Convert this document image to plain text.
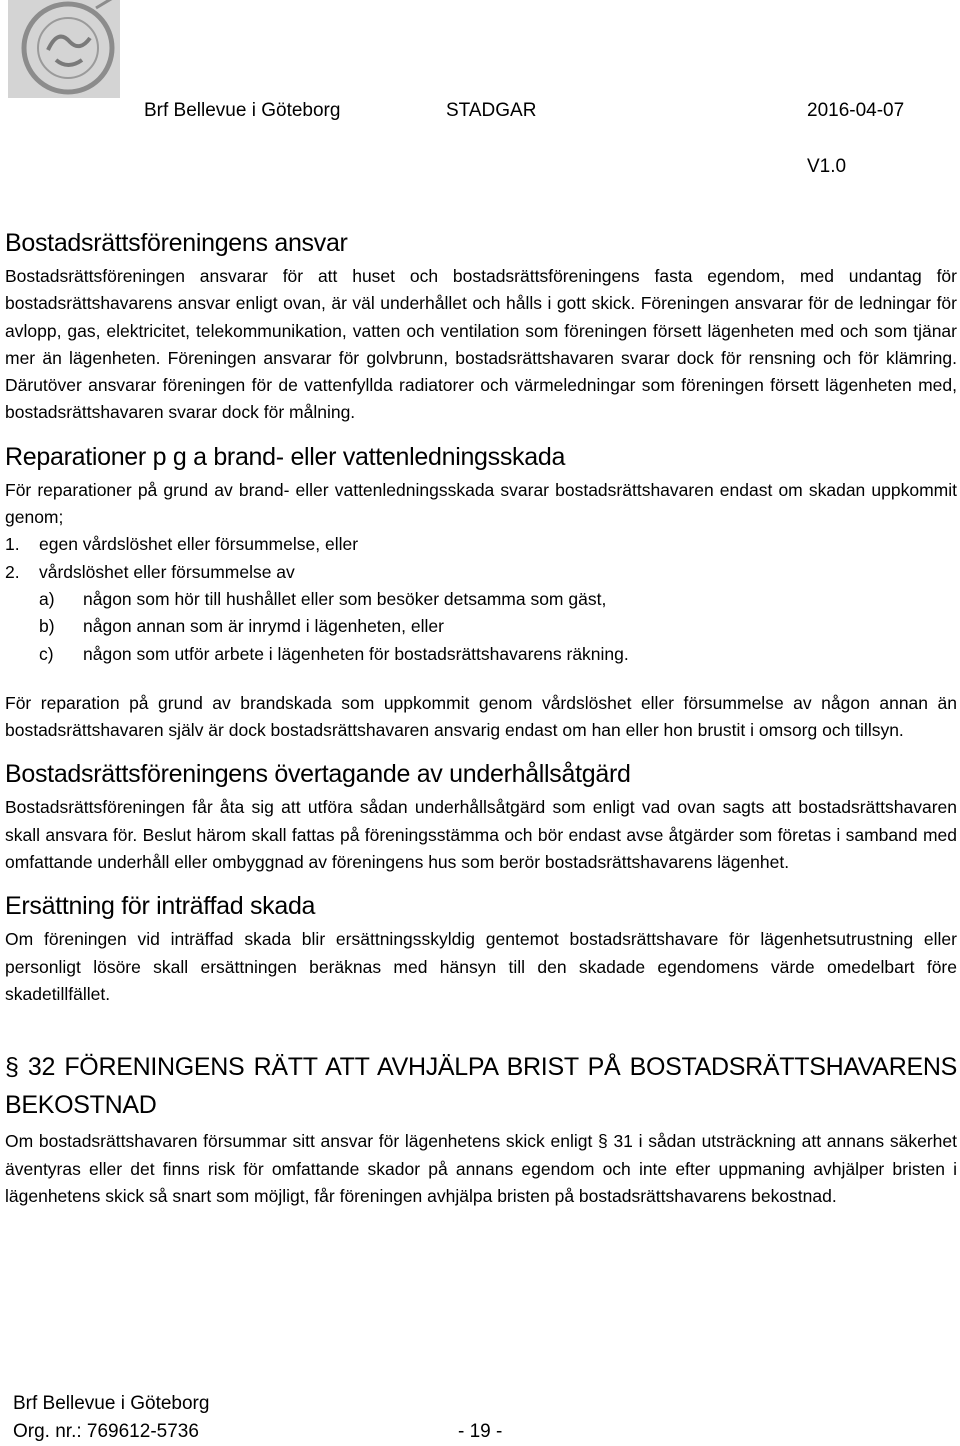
Brf Bellevue i Göteborg	STADGAR	2016-04-07
V1.0
Bostadsrättsföreningens ansvar

Bostadsrättsföreningen ansvarar för att huset och bostadsrättsföreningens fasta egendom, med undantag för bostadsrättshavarens ansvar enligt ovan, är väl underhållet och hålls i gott skick. Föreningen ansvarar för de ledningar för avlopp, gas, elektricitet, telekommunikation, vatten och ventilation som föreningen försett lägenheten med och som tjänar mer än lägenheten. Föreningen ansvarar för golvbrunn, bostadsrättshavaren svarar dock för rensning och för klämring. Därutöver ansvarar föreningen för de vattenfyllda radiatorer och värmeledningar som föreningen försett lägenheten med, bostadsrättshavaren svarar dock för målning.

Reparationer p g a brand- eller vattenledningsskada

För reparationer på grund av brand- eller vattenledningsskada svarar bostadsrättshavaren endast om skadan uppkommit genom;

1.	egen vårdslöshet eller försummelse, eller
2.	vårdslöshet eller försummelse av
a)	någon som hör till hushållet eller som besöker detsamma som gäst,
b)	någon annan som är inrymd i lägenheten, eller
c)	någon som utför arbete i lägenheten för bostadsrättshavarens räkning.

För reparation på grund av brandskada som uppkommit genom vårdslöshet eller försummelse av någon annan än bostadsrättshavaren själv är dock bostadsrättshavaren ansvarig endast om han eller hon brustit i omsorg och tillsyn.

Bostadsrättsföreningens övertagande av underhållsåtgärd

Bostadsrättsföreningen får åta sig att utföra sådan underhållsåtgärd som enligt vad ovan sagts att bostadsrättshavaren skall ansvara för. Beslut härom skall fattas på föreningsstämma och bör endast avse åtgärder som företas i samband med omfattande underhåll eller ombyggnad av föreningens hus som berör bostadsrättshavarens lägenhet.

Ersättning för inträffad skada

Om föreningen vid inträffad skada blir ersättningsskyldig gentemot bostadsrättshavare för lägenhetsutrustning eller personligt lösöre skall ersättningen beräknas med hänsyn till den skadade egendomens värde omedelbart före skadetillfället.

§ 32 FÖRENINGENS RÄTT ATT AVHJÄLPA BRIST PÅ BOSTADSRÄTTSHAVARENS BEKOSTNAD

Om bostadsrättshavaren försummar sitt ansvar för lägenhetens skick enligt § 31 i sådan utsträckning att annans säkerhet äventyras eller det finns risk för omfattande skador på annans egendom och inte efter uppmaning avhjälper bristen i lägenhetens skick så snart som möjligt, får föreningen avhjälpa bristen på bostadsrättshavarens bekostnad.

Brf Bellevue i Göteborg
Org. nr.: 769612-5736	- 19 -
